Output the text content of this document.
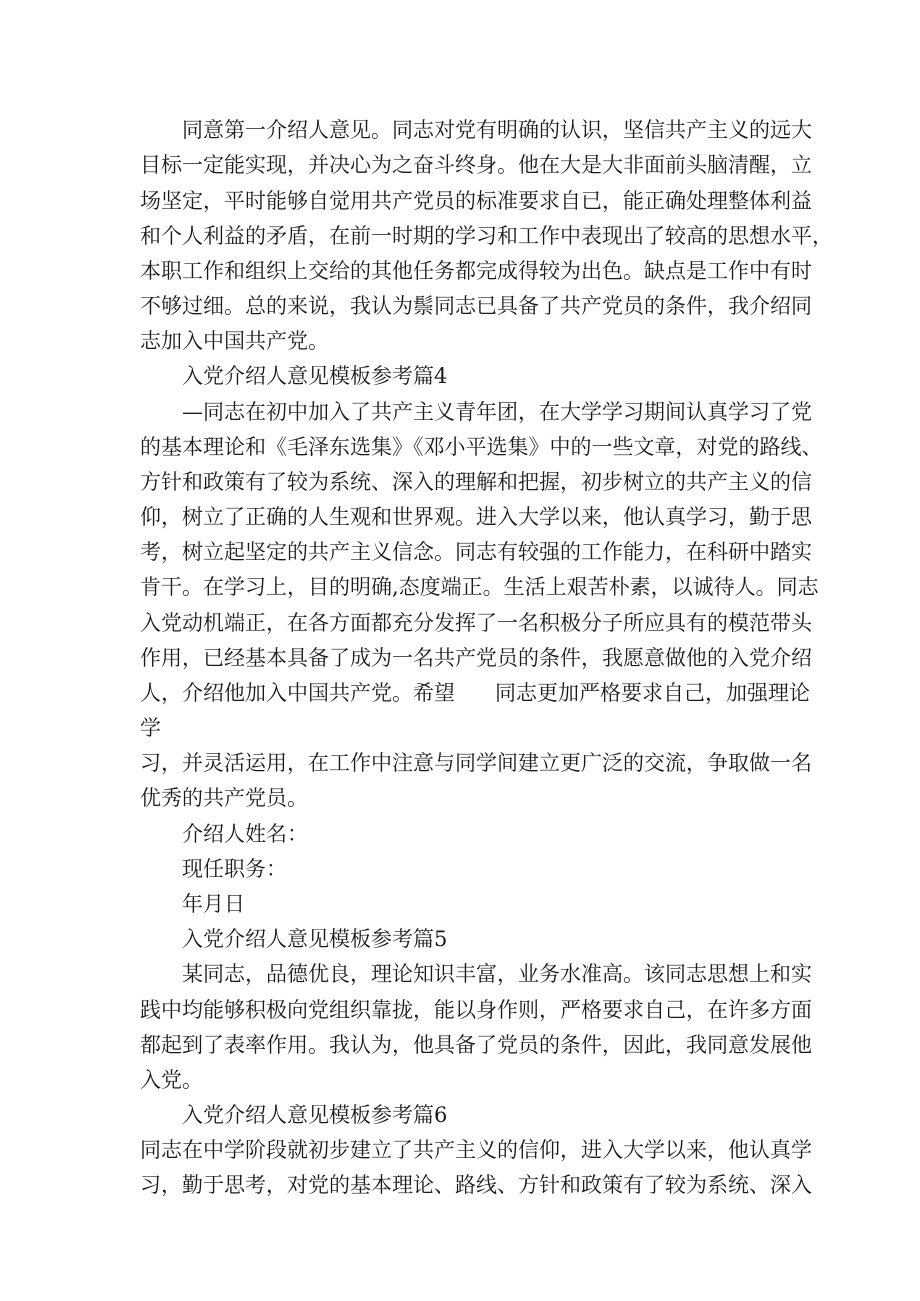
同意第一介绍人意见。同志对党有明确的认识，坚信共产主义的远大
目标一定能实现，并决心为之奋斗终身。他在大是大非面前头脑清醒，立
场坚定，平时能够自觉用共产党员的标准要求自已，能正确处理整体利益
和个人利益的矛盾，在前一时期的学习和工作中表现出了较高的思想水平，
本职工作和组织上交给的其他任务都完成得较为出色。缺点是工作中有时
不够过细。总的来说，我认为鬃同志已具备了共产党员的条件，我介绍同
志加入中国共产党。
入党介绍人意见模板参考篇4
—同志在初中加入了共产主义青年团，在大学学习期间认真学习了党
的基本理论和《毛泽东选集》《邓小平选集》中的一些文章，对党的路线、
方针和政策有了较为系统、深入的理解和把握，初步树立的共产主义的信
仰，树立了正确的人生观和世界观。进入大学以来，他认真学习，勤于思
考，树立起坚定的共产主义信念。同志有较强的工作能力，在科研中踏实
肯干。在学习上，目的明确,态度端正。生活上艰苦朴素，以诚待人。同志
入党动机端正，在各方面都充分发挥了一名积极分子所应具有的模范带头
作用，已经基本具备了成为一名共产党员的条件，我愿意做他的入党介绍
人，介绍他加入中国共产党。希望      同志更加严格要求自己，加强理论
学
习，并灵活运用，在工作中注意与同学间建立更广泛的交流，争取做一名
优秀的共产党员。
介绍人姓名：
现任职务：
年月日
入党介绍人意见模板参考篇5
某同志，品德优良，理论知识丰富，业务水准高。该同志思想上和实
践中均能够积极向党组织靠拢，能以身作则，严格要求自己，在许多方面
都起到了表率作用。我认为，他具备了党员的条件，因此，我同意发展他
入党。
入党介绍人意见模板参考篇6
同志在中学阶段就初步建立了共产主义的信仰，进入大学以来，他认真学
习，勤于思考，对党的基本理论、路线、方针和政策有了较为系统、深入
